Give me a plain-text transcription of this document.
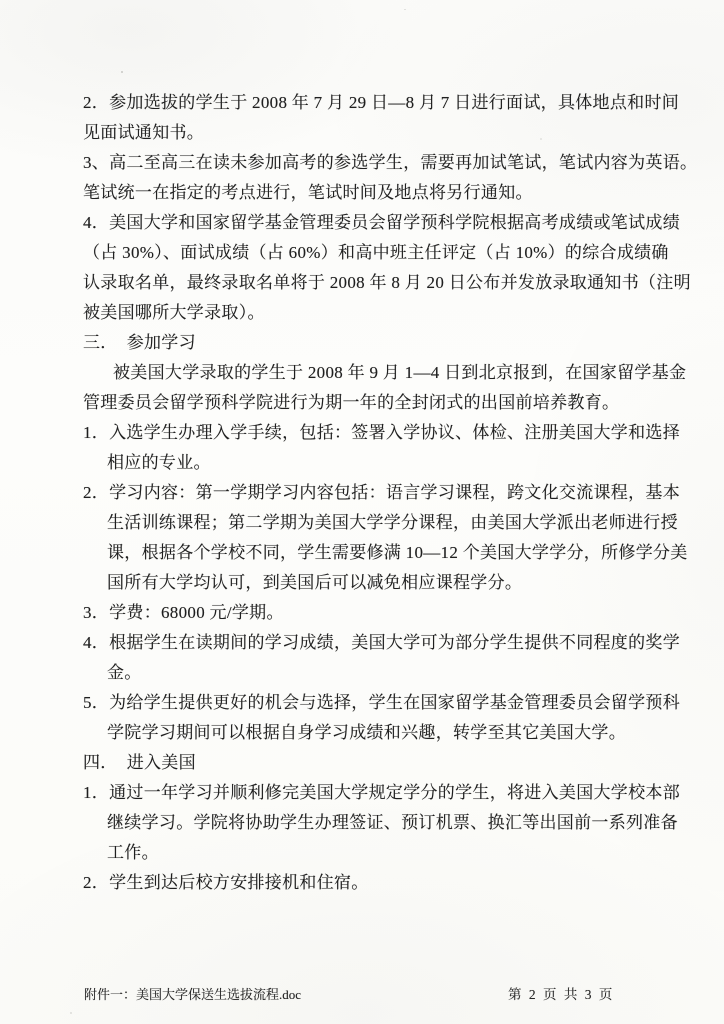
2．参加选拔的学生于 2008 年 7 月 29 日—8 月 7 日进行面试，具体地点和时间
见面试通知书。
3、高二至高三在读未参加高考的参选学生，需要再加试笔试，笔试内容为英语。
笔试统一在指定的考点进行，笔试时间及地点将另行通知。
4．美国大学和国家留学基金管理委员会留学预科学院根据高考成绩或笔试成绩
（占 30%）、面试成绩（占 60%）和高中班主任评定（占 10%）的综合成绩确
认录取名单，最终录取名单将于 2008 年 8 月 20 日公布并发放录取通知书（注明
被美国哪所大学录取）。
三．  参加学习
被美国大学录取的学生于 2008 年 9 月 1—4 日到北京报到，在国家留学基金
管理委员会留学预科学院进行为期一年的全封闭式的出国前培养教育。
1．入选学生办理入学手续，包括：签署入学协议、体检、注册美国大学和选择
相应的专业。
2．学习内容：第一学期学习内容包括：语言学习课程，跨文化交流课程，基本
生活训练课程；第二学期为美国大学学分课程，由美国大学派出老师进行授
课，根据各个学校不同，学生需要修满 10—12 个美国大学学分，所修学分美
国所有大学均认可，到美国后可以减免相应课程学分。
3．学费：68000 元/学期。
4．根据学生在读期间的学习成绩，美国大学可为部分学生提供不同程度的奖学
金。
5．为给学生提供更好的机会与选择，学生在国家留学基金管理委员会留学预科
学院学习期间可以根据自身学习成绩和兴趣，转学至其它美国大学。
四．  进入美国
1．通过一年学习并顺利修完美国大学规定学分的学生，将进入美国大学校本部
继续学习。学院将协助学生办理签证、预订机票、换汇等出国前一系列准备
工作。
2．学生到达后校方安排接机和住宿。
附件一：美国大学保送生选拔流程.doc	第 2 页 共 3 页
